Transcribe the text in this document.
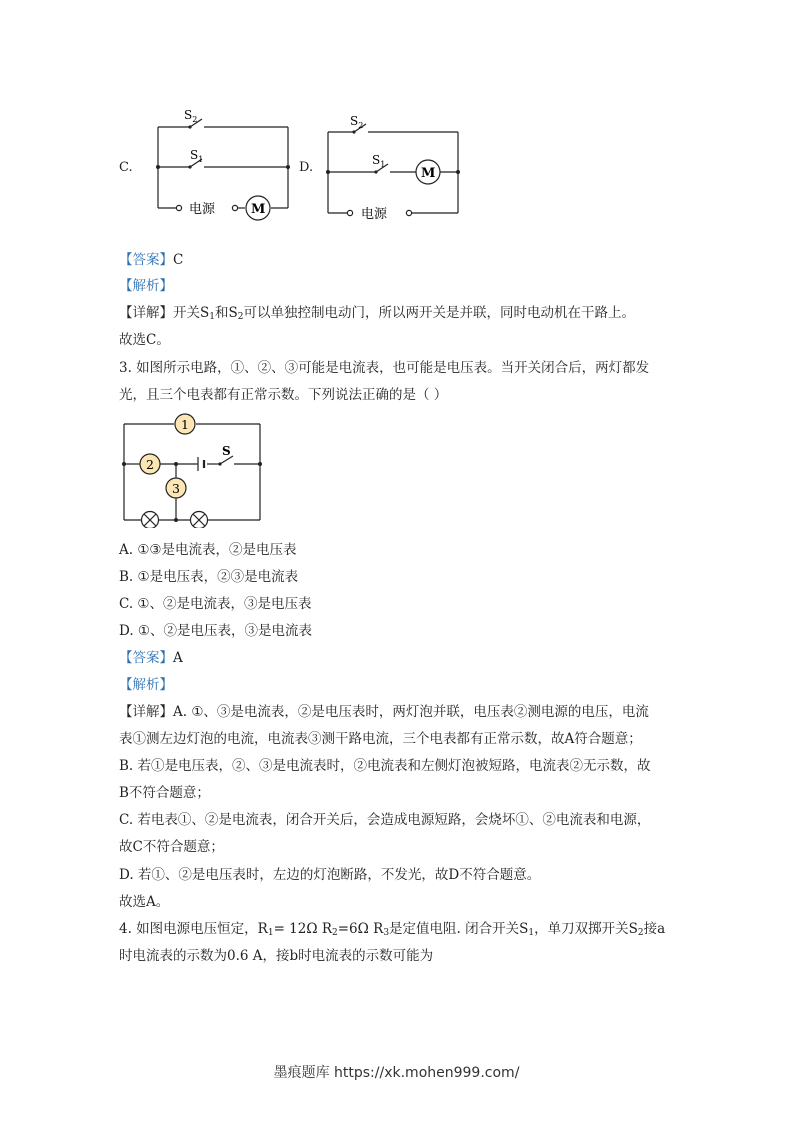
C.
$S_2$
$S_1$
电源	M
D.
$S_2$
$S_1$
电源
M
【答案】C
【解析】
【详解】开关$S_1$和$S_2$可以单独控制电动门，所以两开关是并联，同时电动机在干路上。
故选C。
3. 如图所示电路，①、②、③可能是电流表，也可能是电压表。当开关闭合后，两灯都发
光，且三个电表都有正常示数。下列说法正确的是（ ）
1
2
3
S
A. ①③是电流表，②是电压表
B. ①是电压表，②③是电流表
C. ①、②是电流表，③是电压表
D. ①、②是电压表，③是电流表
【答案】A
【解析】
【详解】A. ①、③是电流表，②是电压表时，两灯泡并联，电压表②测电源的电压，电流
表①测左边灯泡的电流，电流表③测干路电流，三个电表都有正常示数，故A符合题意；
B. 若①是电压表，②、③是电流表时，②电流表和左侧灯泡被短路，电流表②无示数，故
B不符合题意；
C. 若电表①、②是电流表，闭合开关后，会造成电源短路，会烧坏①、②电流表和电源，
故C不符合题意；
D. 若①、②是电压表时，左边的灯泡断路，不发光，故D不符合题意。
故选A。
4. 如图电源电压恒定，$R_1= 12\Omega$ $R_2=6\Omega$ $R_3$是定值电阻. 闭合开关$S_1$，单刀双掷开关$S_2$接a
时电流表的示数为0.6 A，接b时电流表的示数可能为
墨痕题库 https://xk.mohen999.com/
